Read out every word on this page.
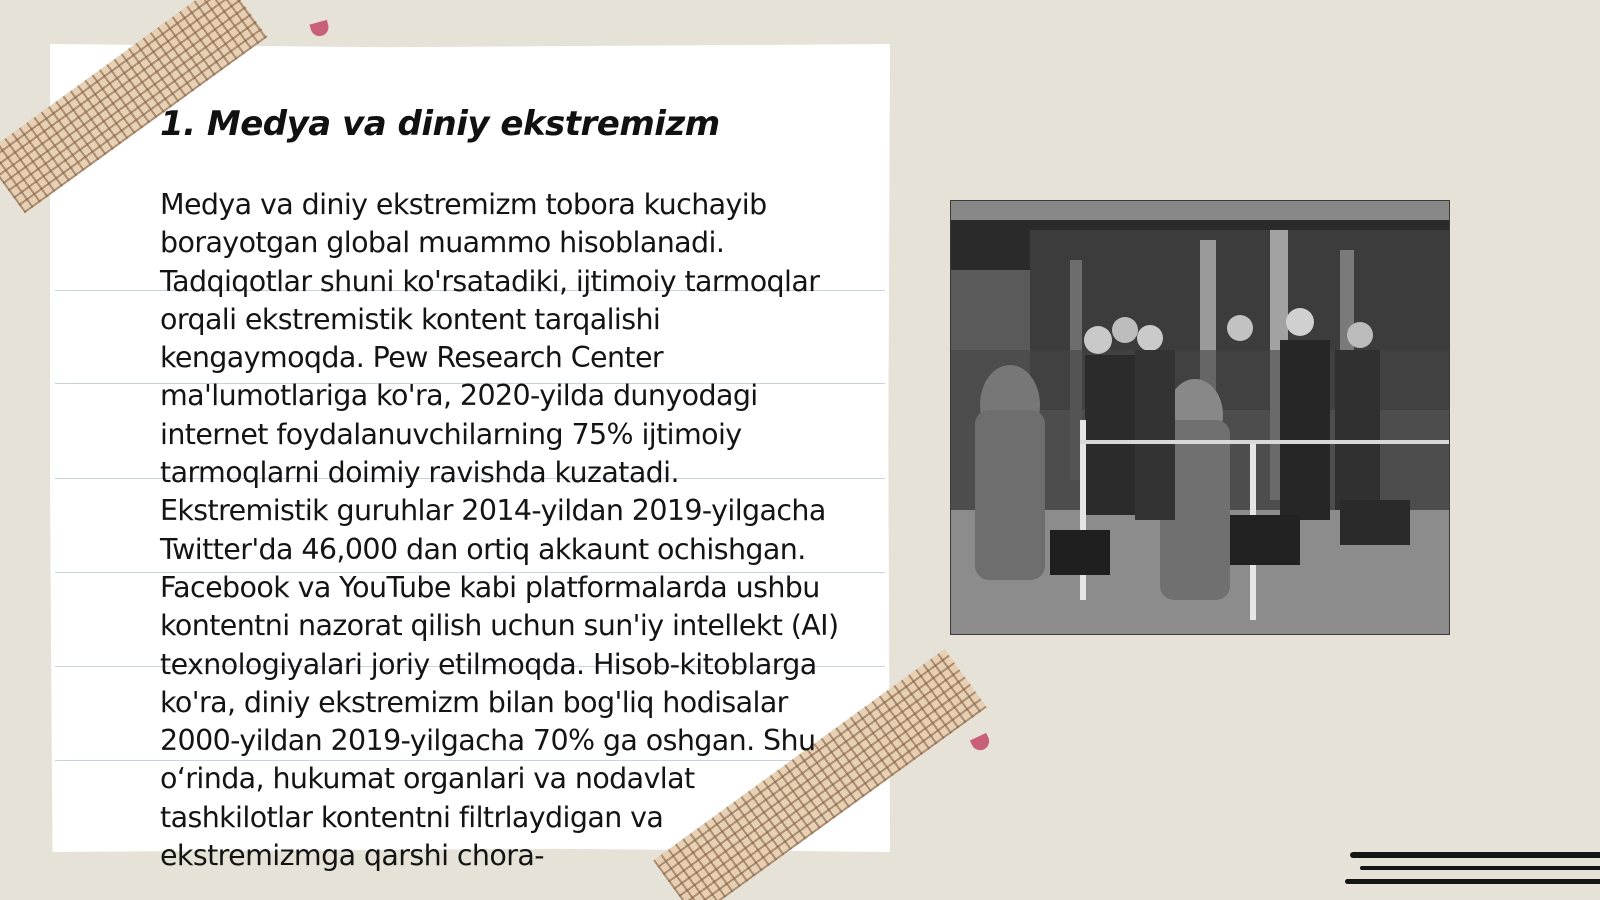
1. Medya va diniy ekstremizm

Medya va diniy ekstremizm tobora kuchayib borayotgan global muammo hisoblanadi. Tadqiqotlar shuni ko'rsatadiki, ijtimoiy tarmoqlar orqali ekstremistik kontent tarqalishi kengaymoqda. Pew Research Center ma'lumotlariga ko'ra, 2020-yilda dunyodagi internet foydalanuvchilarning 75% ijtimoiy tarmoqlarni doimiy ravishda kuzatadi. Ekstremistik guruhlar 2014-yildan 2019-yilgacha Twitter'da 46,000 dan ortiq akkaunt ochishgan. Facebook va YouTube kabi platformalarda ushbu kontentni nazorat qilish uchun sun'iy intellekt (AI) texnologiyalari joriy etilmoqda. Hisob-kitoblarga ko'ra, diniy ekstremizm bilan bog'liq hodisalar 2000-yildan 2019-yilgacha 70% ga oshgan. Shu o‘rinda, hukumat organlari va nodavlat tashkilotlar kontentni filtrlaydigan va ekstremizmga qarshi chora-
